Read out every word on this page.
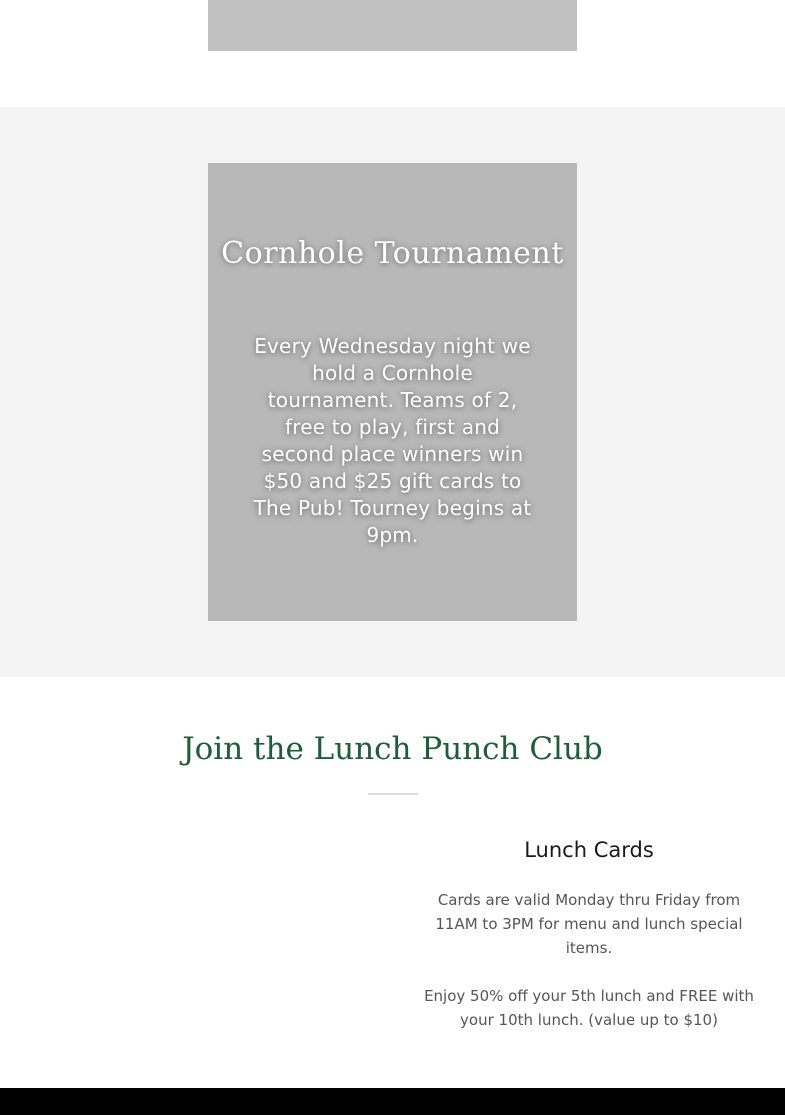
Cornhole Tournament
Every Wednesday night we hold a Cornhole tournament. Teams of 2, free to play, first and second place winners win $50 and $25 gift cards to The Pub! Tourney begins at 9pm.
Join the Lunch Punch Club
Lunch Cards
Cards are valid Monday thru Friday from 11AM to 3PM for menu and lunch special items.
Enjoy 50% off your 5th lunch and FREE with your 10th lunch. (value up to $10)
